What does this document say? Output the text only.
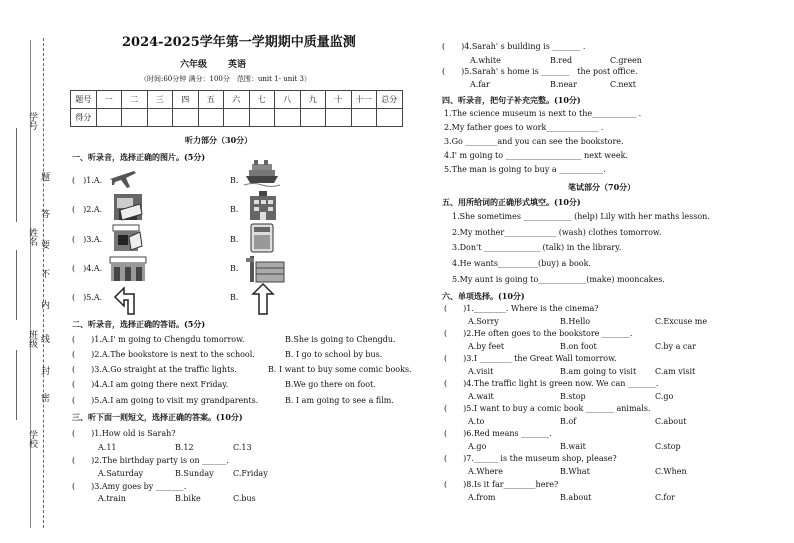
学号
姓名
班级
学校
题
答
要
不
内
线
封
密
2024-2025学年第一学期期中质量监测
六年级 英语
（时间:60分钟 满分：100分　范围：unit 1- unit 3）
题号	一	二	三	四	五	六	七	八	九	十	十一	总分
得分												
听力部分（30分）
一、听录音，选择正确的图片。(5分)
(　)1.A.	B.
(　)2.A.	B.
(　)3.A.	B.
(　)4.A.	B.
(　)5.A.	B.
二、听录音，选择正确的答语。(5分)
(　　)1.A.I' m going to Chengdu tomorrow.	B.She is going to Chengdu.
(　　)2.A.The bookstore is next to the school.	B. I go to school by bus.
(　　)3.A.Go straight at the traffic lights.	B. I want to buy some comic books.
(　　)4.A.I am going there next Friday.	B.We go there on foot.
(　　)5.A.I am going to visit my grandparents.	B. I am going to see a film.
三、听下面一则短文，选择正确的答案。(10分)
(　　)1.How old is Sarah?
A.11	B.12	C.13
(　　)2.The birthday party is on ______.
A.Saturday	B.Sunday C.Friday
(　　)3.Amy goes by _______.
A.train	B.bike	C.bus
(　　)4.Sarah' s building is _______ .
A.white	B.red	C.green
(　　)5.Sarah' s home is _______　the post office.
A.far	B.near	C.next
四、听录音，把句子补充完整。(10分)
1.The science museum is next to the___________ .
2.My father goes to work_____________ .
3.Go ________and you can see the bookstore.
4.I' m going to ___________________ next week.
5.The man is going to buy a ___________.
笔试部分（70分）
五、用所给词的正确形式填空。(10分)
1.She sometimes ____________ (help) Lily with her maths lesson.
2.My mother_____________ (wash) clothes tomorrow.
3.Don't ______________ (talk) in the library.
4.He wants__________(buy) a book.
5.My aunt is going to____________(make) mooncakes.
六、单项选择。(10分)
(　　)1.________. Where is the cinema?
A.Sorry	B.Hello	C.Excuse me
(　　)2.He often goes to the bookstore _______.
A.by feet	B.on foot	C.by a car
(　　)3.I ________ the Great Wall tomorrow.
A.visit	B.am going to visit C.am visit
(　　)4.The traffic light is green now. We can _______.
A.wait	B.stop	C.go
(　　)5.I want to buy a comic book _______ animals.
A.to	B.of	C.about
(　　)6.Red means _______.
A.go	B.wait	C.stop
(　　)7.______ is the museum shop, please?
A.Where	B.What	C.When
(　　)8.Is it far________here?
A.from	B.about	C.for
